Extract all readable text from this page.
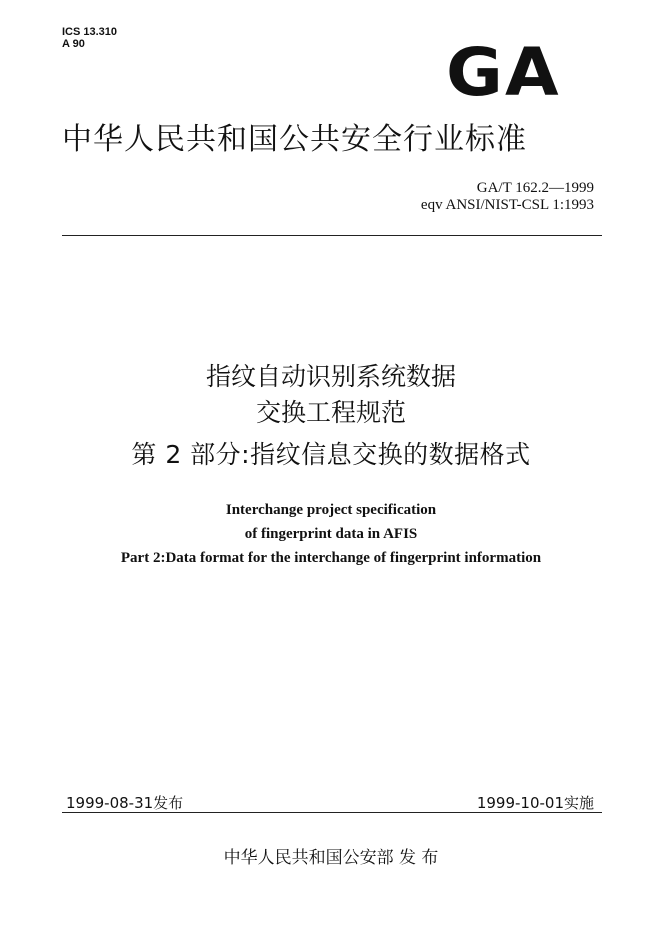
ICS 13.310
A 90	GA
中华人民共和国公共安全行业标准
GA/T 162.2—1999
eqv ANSI/NIST-CSL 1:1993
指纹自动识别系统数据
交换工程规范
第 2 部分:指纹信息交换的数据格式
Interchange project specification
of fingerprint data in AFIS
Part 2:Data format for the interchange of fingerprint information
1999-08-31发布	1999-10-01实施
中华人民共和国公安部 发 布
